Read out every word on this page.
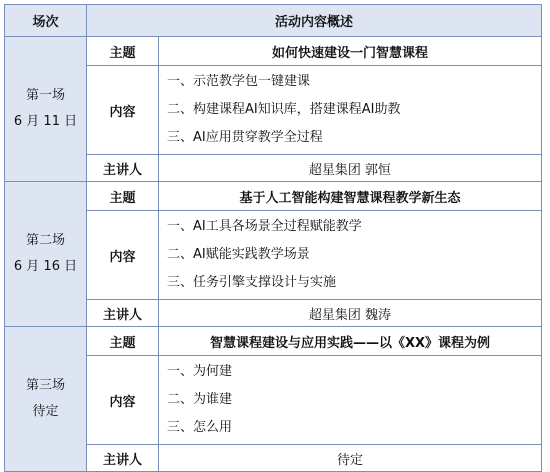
场次	活动内容概述	

第一场
6 月 11 日	主题	如何快速建设一门智慧课程
	内容	一、示范教学包一键建课
二、构建课程AI知识库，搭建课程AI助教
三、AI应用贯穿教学全过程

	主讲人	超星集团 郭恒

第二场
6 月 16 日	主题	基于人工智能构建智慧课程教学新生态
	内容	一、AI工具各场景全过程赋能教学
二、AI赋能实践教学场景
三、任务引擎支撑设计与实施

	主讲人	超星集团 魏涛

第三场
待定	主题	智慧课程建设与应用实践——以《XX》课程为例
	内容	一、为何建
二、为谁建
三、怎么用

	主讲人	待定
